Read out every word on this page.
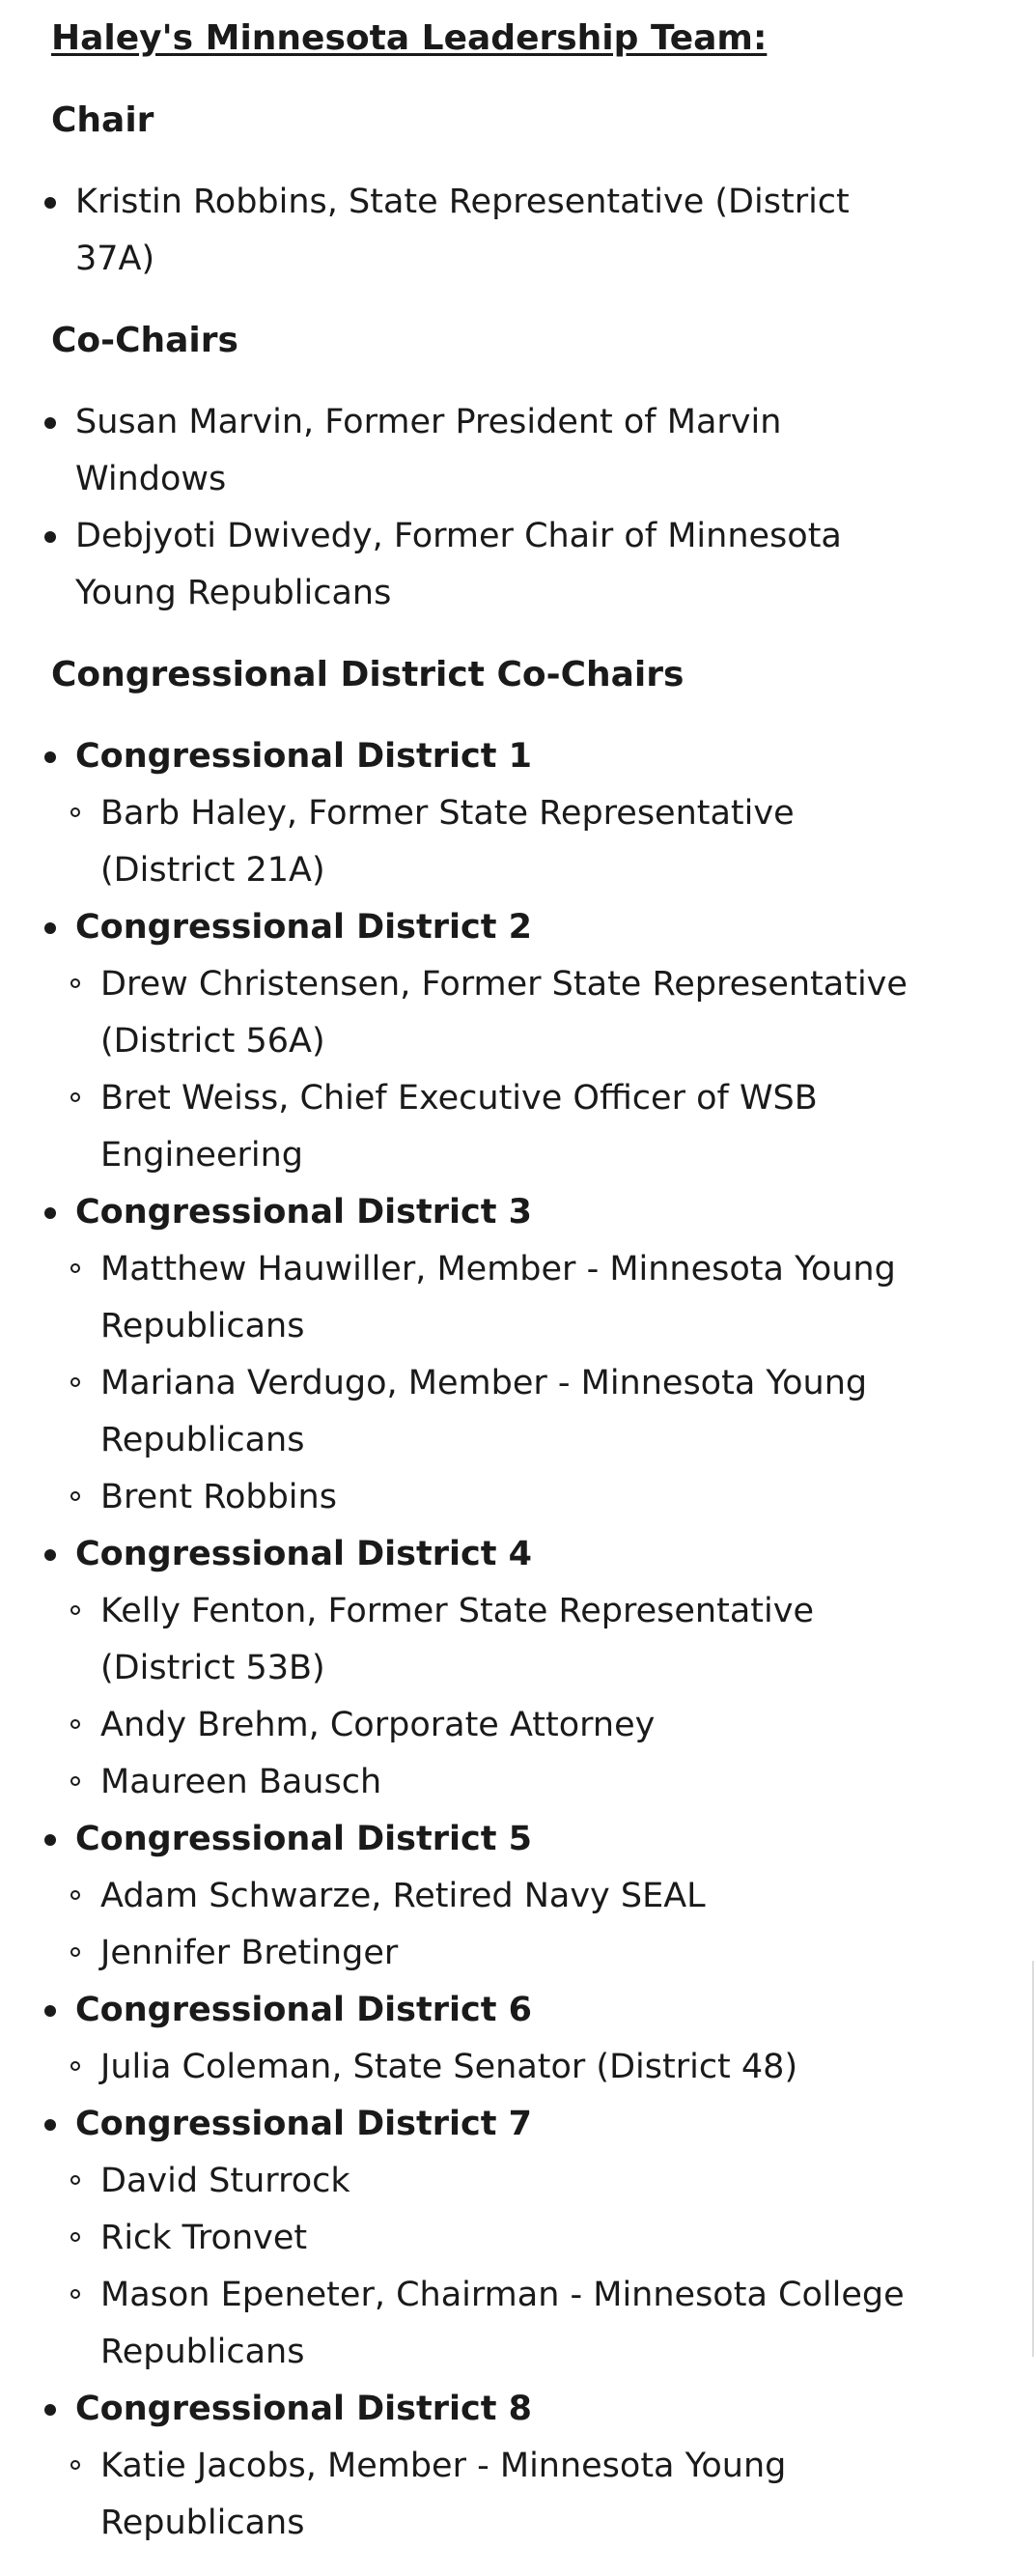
Haley's Minnesota Leadership Team:
Chair
Kristin Robbins, State Representative (District 37A)
Co-Chairs
Susan Marvin, Former President of Marvin Windows
Debjyoti Dwivedy, Former Chair of Minnesota Young Republicans
Congressional District Co-Chairs
Congressional District 1
Barb Haley, Former State Representative (District 21A)
Congressional District 2
Drew Christensen, Former State Representative (District 56A)
Bret Weiss, Chief Executive Officer of WSB Engineering
Congressional District 3
Matthew Hauwiller, Member - Minnesota Young Republicans
Mariana Verdugo, Member - Minnesota Young Republicans
Brent Robbins
Congressional District 4
Kelly Fenton, Former State Representative (District 53B)
Andy Brehm, Corporate Attorney
Maureen Bausch
Congressional District 5
Adam Schwarze, Retired Navy SEAL
Jennifer Bretinger
Congressional District 6
Julia Coleman, State Senator (District 48)
Congressional District 7
David Sturrock
Rick Tronvet
Mason Epeneter, Chairman - Minnesota College Republicans
Congressional District 8
Katie Jacobs, Member - Minnesota Young Republicans
